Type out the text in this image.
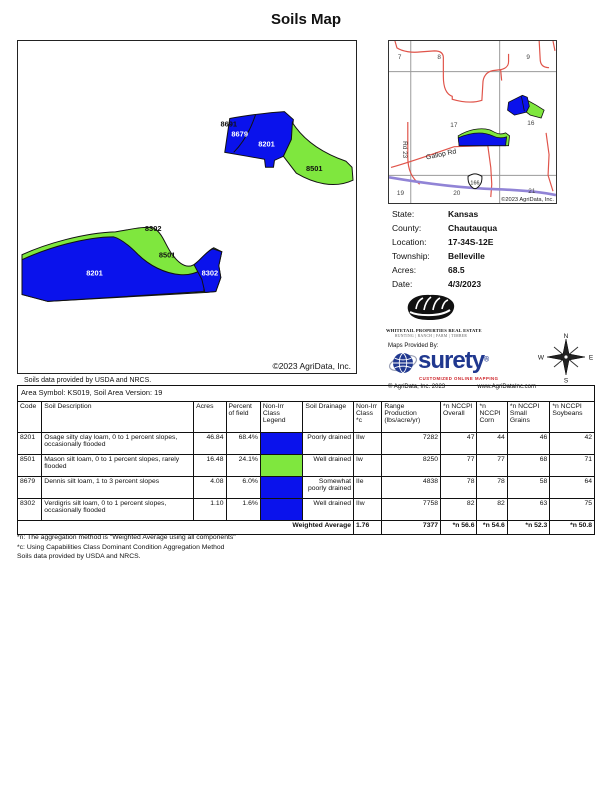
Soils Map
8691
8679
8201
8501
8302
8501
8201	8302
©2023 AgriData, Inc.
Soils data provided by USDA and NRCS.
166
7	8	9
17	16
19	20	21
Rd 23	Gallop Rd
©2023 AgriData, Inc.
State:	Kansas
County:	Chautauqua
Location:	17-34S-12E
Township: Belleville
Acres:	68.5
Date:	4/3/2023
WHITETAIL PROPERTIES REAL ESTATE
HUNTING | RANCH | FARM | TIMBER
Maps Provided By:
surety®
CUSTOMIZED ONLINE MAPPING
© AgriData, Inc. 2023	www.AgriDataInc.com
N
E
S
W
Area Symbol: KS019, Soil Area Version: 19											
Code	Soil Description	Acres	Percent of field	Non-Irr Class Legend	Soil Drainage	Non-Irr Class *c	Range Production (lbs/acre/yr)	*n NCCPI Overall	*n NCCPI Corn	*n NCCPI Small Grains	*n NCCPI Soybeans
8201	Osage silty clay loam, 0 to 1 percent slopes, occasionally flooded	46.84	68.4%		Poorly drained	IIw	7282	47	44	46	42
8501	Mason silt loam, 0 to 1 percent slopes, rarely flooded	16.48	24.1%		Well drained	Iw	8250	77	77	68	71
8679	Dennis silt loam, 1 to 3 percent slopes	4.08	6.0%		Somewhat poorly drained	IIe	4838	78	78	58	64
8302	Verdigris silt loam, 0 to 1 percent slopes, occasionally flooded	1.10	1.6%		Well drained	IIw	7758	82	82	63	75
Weighted Average						1.76	7377	*n 56.6	*n 54.6	*n 52.3	*n 50.8
*n: The aggregation method is "Weighted Average using all components"
*c: Using Capabilities Class Dominant Condition Aggregation Method
Soils data provided by USDA and NRCS.
